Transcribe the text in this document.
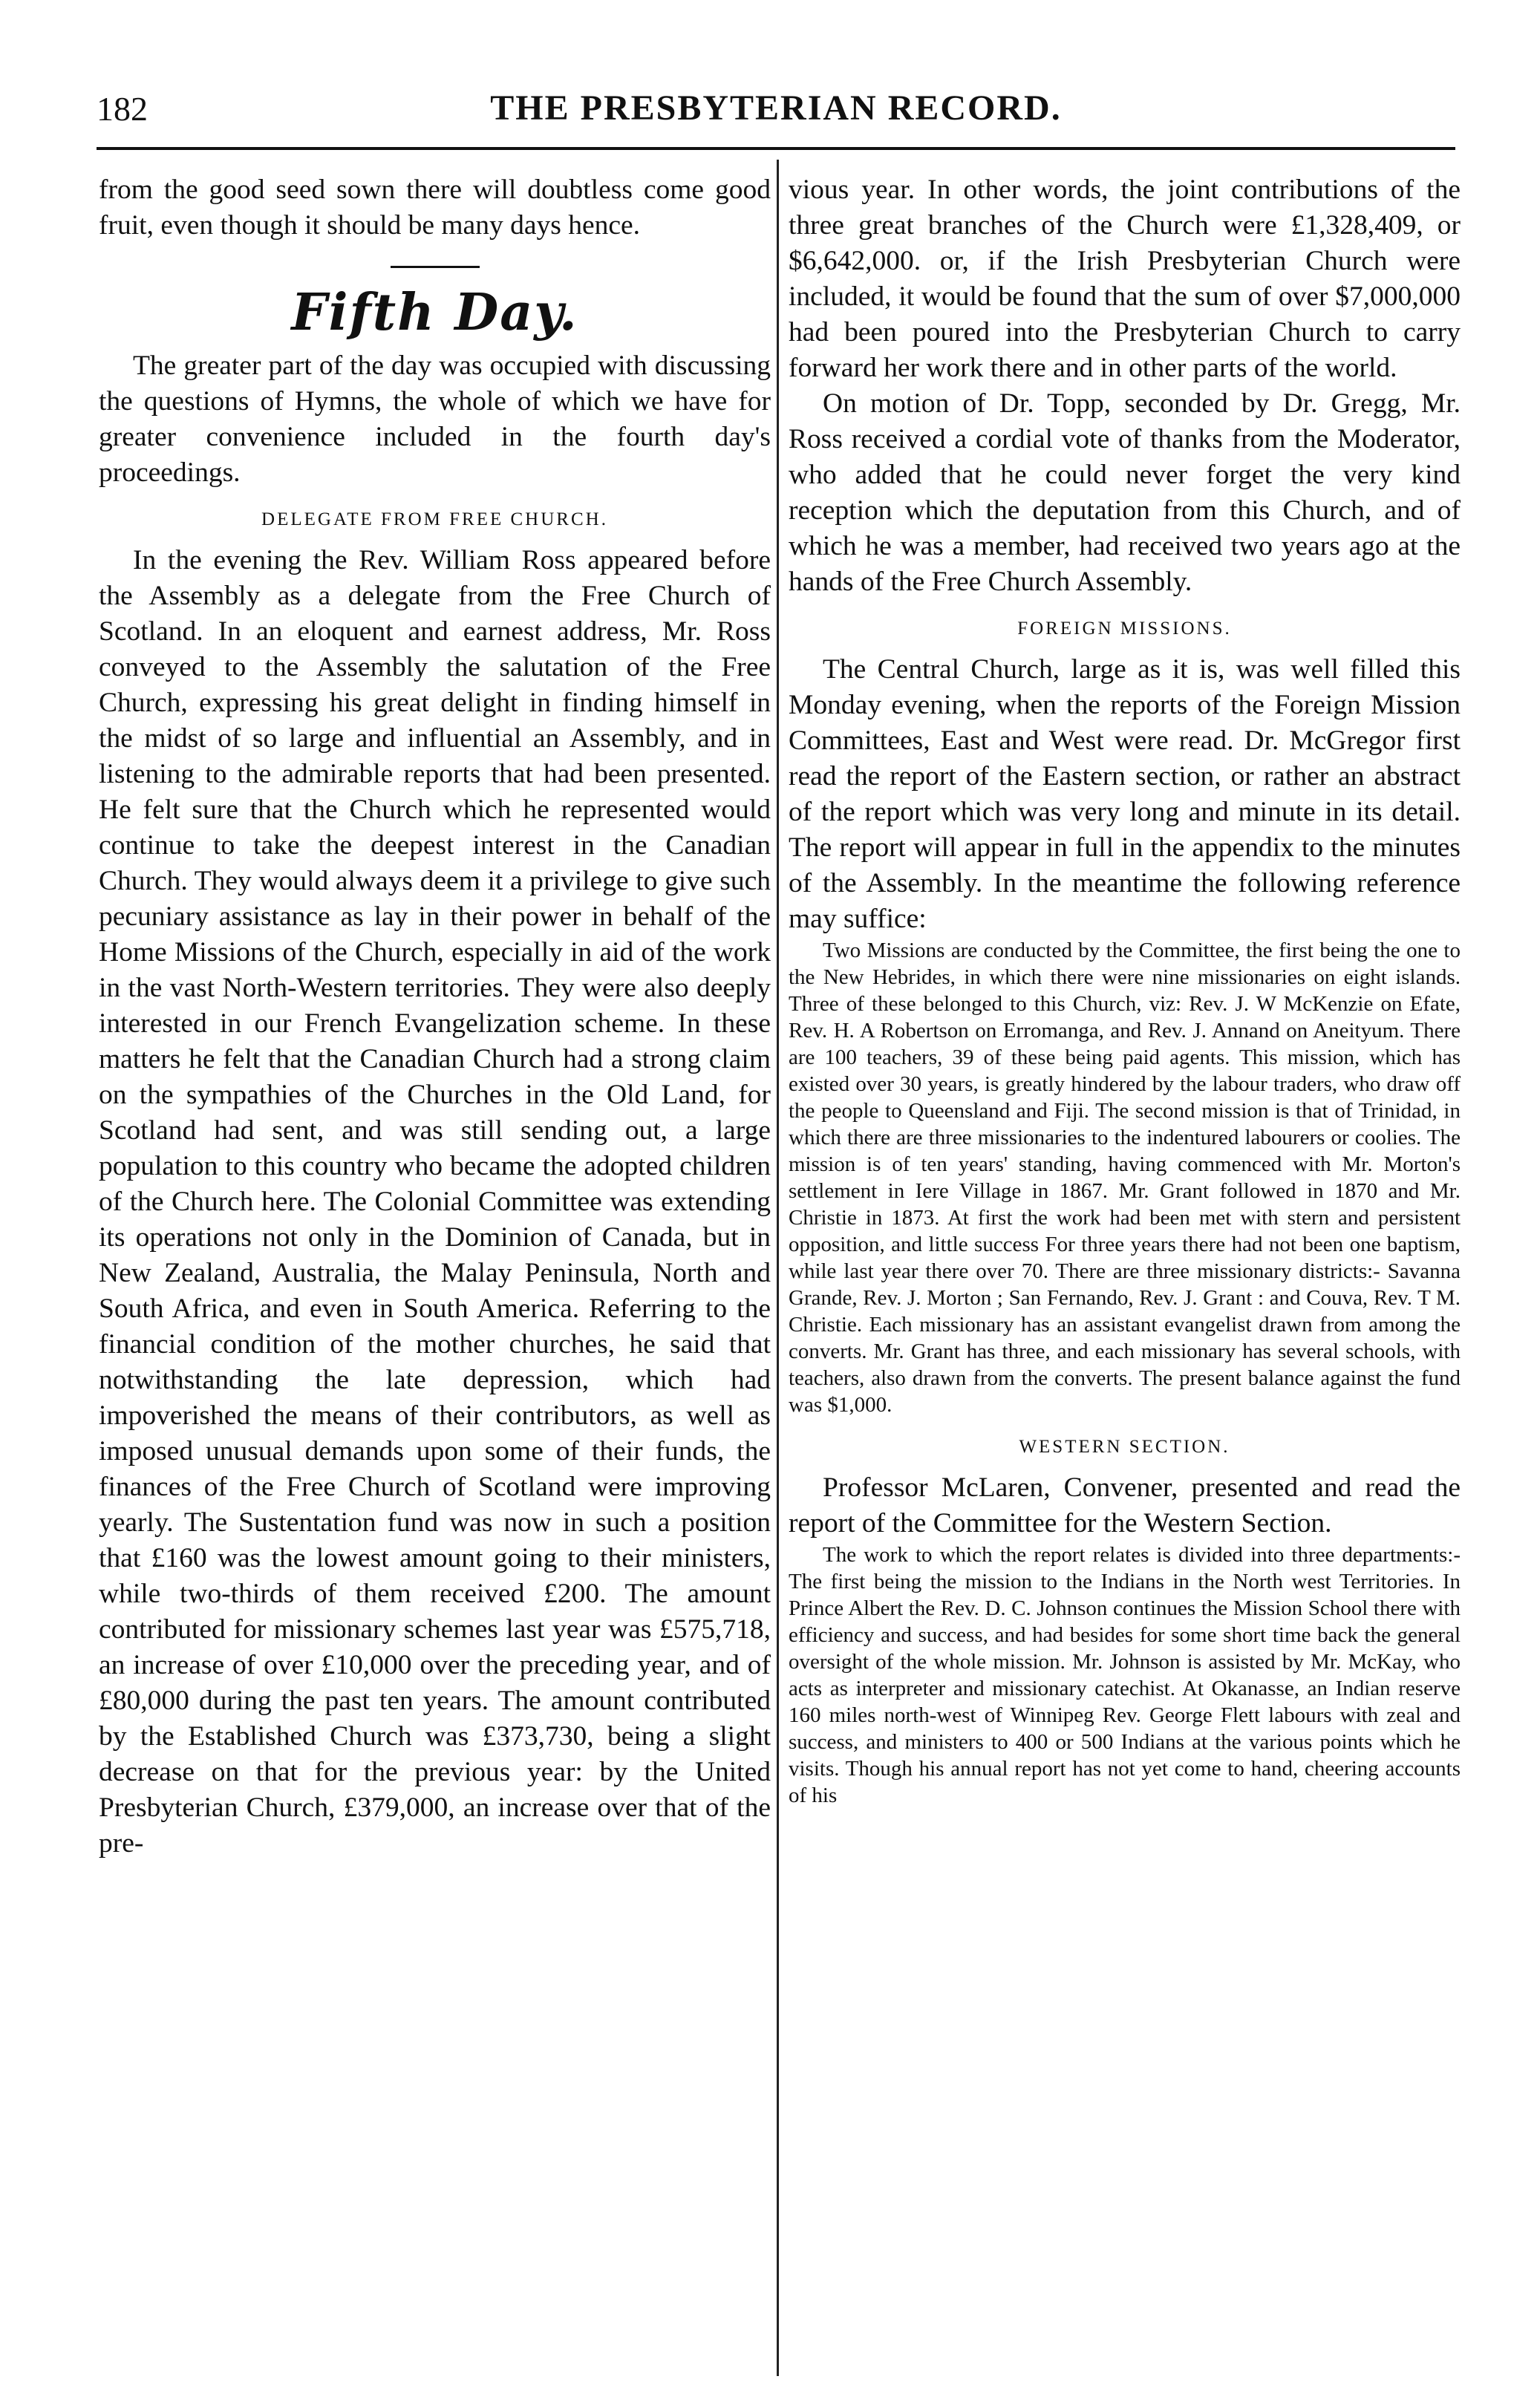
182	THE PRESBYTERIAN RECORD.

from the good seed sown there will doubtless come good fruit, even though it should be many days hence.

Fifth Day.

The greater part of the day was occupied with discussing the questions of Hymns, the whole of which we have for greater convenience included in the fourth day's proceedings.

DELEGATE FROM FREE CHURCH.

In the evening the Rev. William Ross appeared before the Assembly as a delegate from the Free Church of Scotland. In an eloquent and earnest address, Mr. Ross conveyed to the Assembly the salutation of the Free Church, expressing his great delight in finding himself in the midst of so large and influential an Assembly, and in listening to the admirable reports that had been presented. He felt sure that the Church which he represented would continue to take the deepest interest in the Canadian Church. They would always deem it a privilege to give such pecuniary assistance as lay in their power in behalf of the Home Missions of the Church, especially in aid of the work in the vast North-Western territories. They were also deeply interested in our French Evangelization scheme. In these matters he felt that the Canadian Church had a strong claim on the sympathies of the Churches in the Old Land, for Scotland had sent, and was still sending out, a large population to this country who became the adopted children of the Church here. The Colonial Committee was extending its operations not only in the Dominion of Canada, but in New Zealand, Australia, the Malay Peninsula, North and South Africa, and even in South America. Referring to the financial condition of the mother churches, he said that notwithstanding the late depression, which had impoverished the means of their contributors, as well as imposed unusual demands upon some of their funds, the finances of the Free Church of Scotland were improving yearly. The Sustentation fund was now in such a position that £160 was the lowest amount going to their ministers, while two-thirds of them received £200. The amount contributed for missionary schemes last year was £575,718, an increase of over £10,000 over the preceding year, and of £80,000 during the past ten years. The amount contributed by the Established Church was £373,730, being a slight decrease on that for the previous year: by the United Presbyterian Church, £379,000, an increase over that of the pre-

vious year. In other words, the joint contributions of the three great branches of the Church were £1,328,409, or $6,642,000. or, if the Irish Presbyterian Church were included, it would be found that the sum of over $7,000,000 had been poured into the Presbyterian Church to carry forward her work there and in other parts of the world.

On motion of Dr. Topp, seconded by Dr. Gregg, Mr. Ross received a cordial vote of thanks from the Moderator, who added that he could never forget the very kind reception which the deputation from this Church, and of which he was a member, had received two years ago at the hands of the Free Church Assembly.

FOREIGN MISSIONS.

The Central Church, large as it is, was well filled this Monday evening, when the reports of the Foreign Mission Committees, East and West were read. Dr. McGregor first read the report of the Eastern section, or rather an abstract of the report which was very long and minute in its detail. The report will appear in full in the appendix to the minutes of the Assembly. In the meantime the following reference may suffice:

Two Missions are conducted by the Committee, the first being the one to the New Hebrides, in which there were nine missionaries on eight islands. Three of these belonged to this Church, viz: Rev. J. W McKenzie on Efate, Rev. H. A Robertson on Erromanga, and Rev. J. Annand on Aneityum. There are 100 teachers, 39 of these being paid agents. This mission, which has existed over 30 years, is greatly hindered by the labour traders, who draw off the people to Queensland and Fiji. The second mission is that of Trinidad, in which there are three missionaries to the indentured labourers or coolies. The mission is of ten years' standing, having commenced with Mr. Morton's settlement in Iere Village in 1867. Mr. Grant followed in 1870 and Mr. Christie in 1873. At first the work had been met with stern and persistent opposition, and little success For three years there had not been one baptism, while last year there over 70. There are three missionary districts:- Savanna Grande, Rev. J. Morton ; San Fernando, Rev. J. Grant : and Couva, Rev. T M. Christie. Each missionary has an assistant evangelist drawn from among the converts. Mr. Grant has three, and each missionary has several schools, with teachers, also drawn from the converts. The present balance against the fund was $1,000.

WESTERN SECTION.

Professor McLaren, Convener, presented and read the report of the Committee for the Western Section.

The work to which the report relates is divided into three departments:- The first being the mission to the Indians in the North west Territories. In Prince Albert the Rev. D. C. Johnson continues the Mission School there with efficiency and success, and had besides for some short time back the general oversight of the whole mission. Mr. Johnson is assisted by Mr. McKay, who acts as interpreter and missionary catechist. At Okanasse, an Indian reserve 160 miles north-west of Winnipeg Rev. George Flett labours with zeal and success, and ministers to 400 or 500 Indians at the various points which he visits. Though his annual report has not yet come to hand, cheering accounts of his
